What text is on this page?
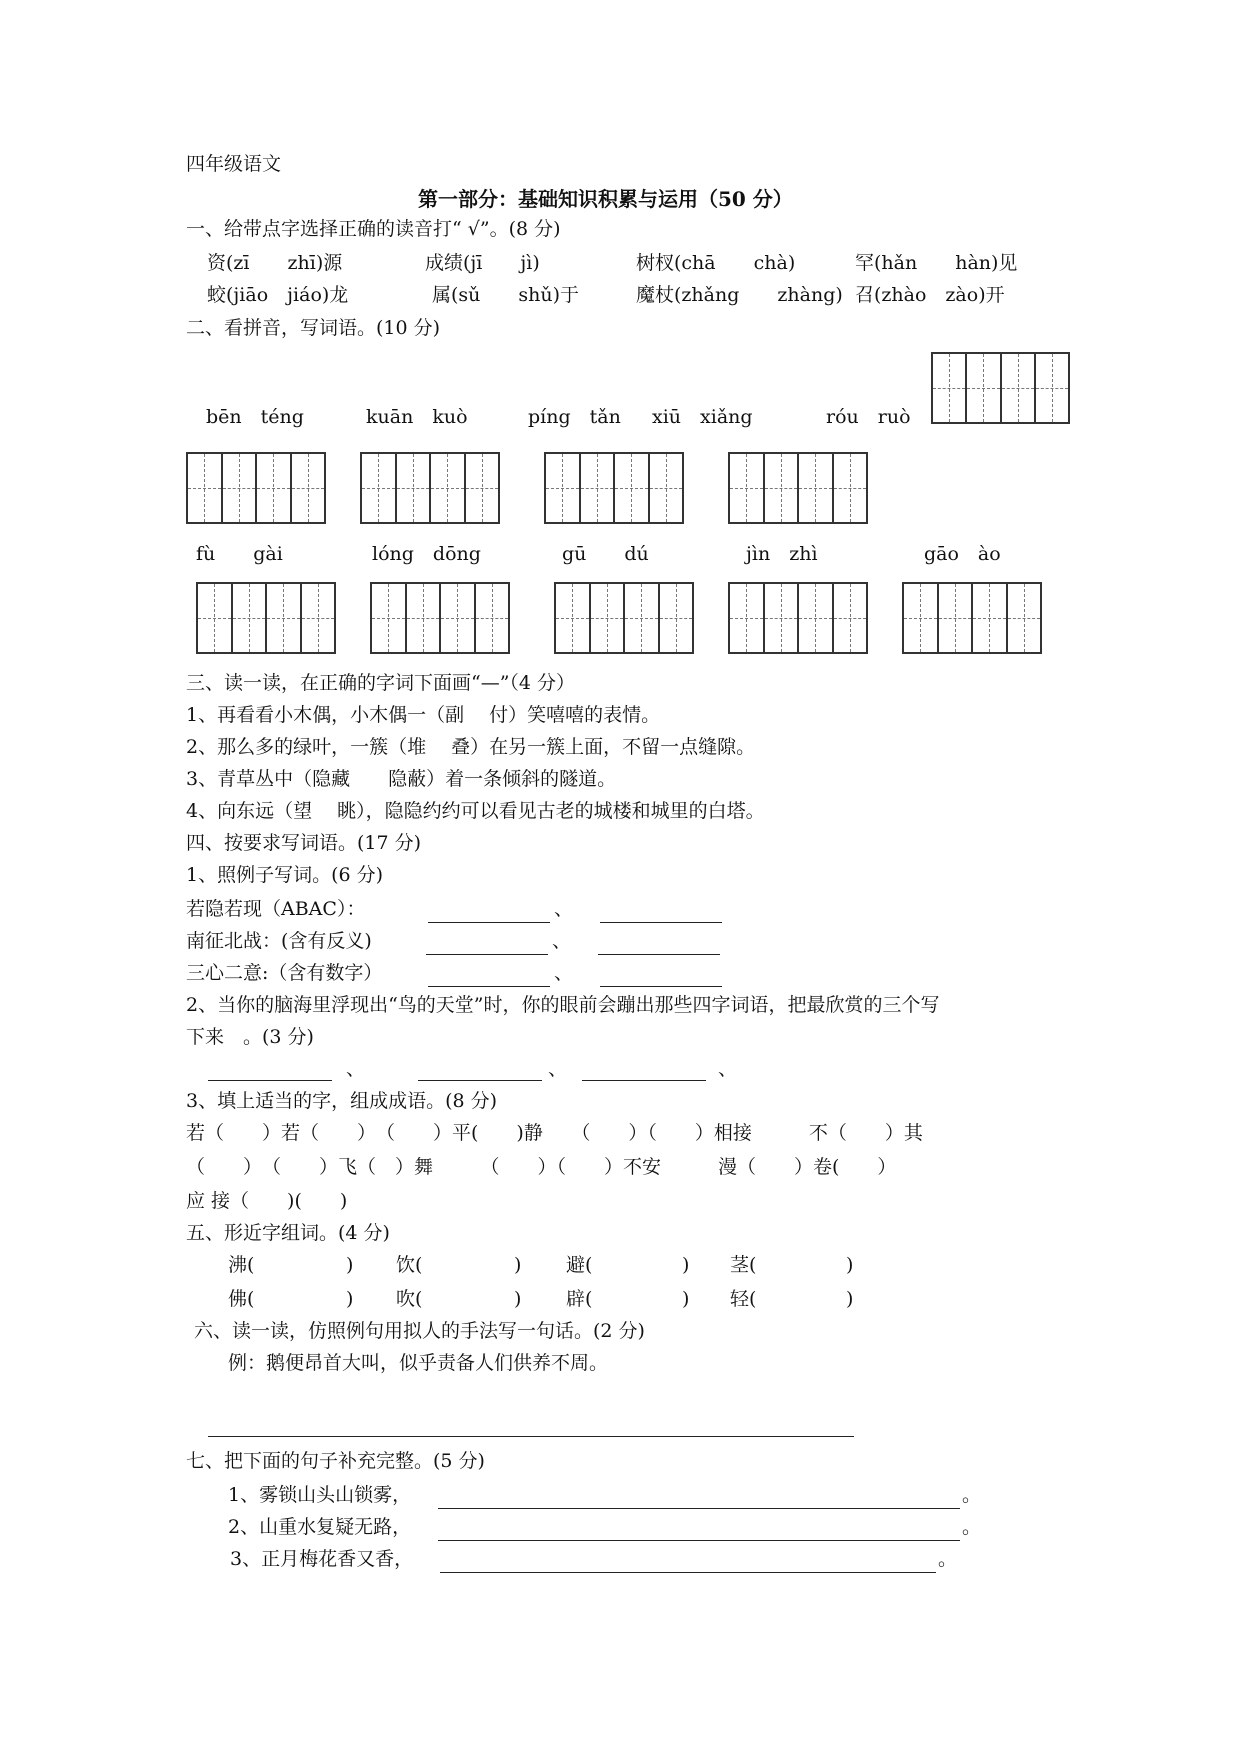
四年级语文
第一部分：基础知识积累与运用（50 分）
一、给带点字选择正确的读音打“ √”。(8 分)
资(zī　　zhī)源	成绩(jī　　jì)	树杈(chā　　chà)	罕(hǎn　　hàn)见
蛟(jiāo　jiáo)龙	属(sǔ　　shǔ)于	魔杖(zhǎng　　zhàng) 召(zhào　zào)开
二、看拼音，写词语。(10 分)
bēn　téng	kuān　kuò	píng　tǎn xiū　xiǎng	róu　ruò
fù　　gài	lóng　dōng	gū　　dú	jìn　zhì	gāo　ào
三、读一读，在正确的字词下面画“—”（4 分）
1、再看看小木偶，小木偶一（副　 付）笑嘻嘻的表情。
2、那么多的绿叶，一簇（堆　 叠）在另一簇上面，不留一点缝隙。
3、青草丛中（隐藏　　隐蔽）着一条倾斜的隧道。
4、向东远（望　 眺），隐隐约约可以看见古老的城楼和城里的白塔。
四、按要求写词语。(17 分)
1、照例子写词。(6 分)
若隐若现（ABAC）：	、
南征北战：(含有反义)	、
三心二意:（含有数字）	、
2、当你的脑海里浮现出“鸟的天堂”时，你的眼前会蹦出那些四字词语，把最欣赏的三个写
下来　。(3 分)
、	、	、
3、填上适当的字，组成成语。(8 分)
若（　　）若（　　）　（　　）平(　　)静　　（　　）（　　）相接　　　不（　　）其
（　　）　（　　）飞（　）舞　　　（　　）（　　）不安　　　漫（　　）卷(　　）
应 接（　　)(　　)
五、形近字组词。(4 分)
沸(	) 饮(	) 避(	) 茎(	)
佛(	) 吹(	) 辟(	) 轻(	)
六、读一读，仿照例句用拟人的手法写一句话。(2 分)
例：鹅便昂首大叫，似乎责备人们供养不周。
七、把下面的句子补充完整。(5 分)
1、雾锁山头山锁雾，	。
2、山重水复疑无路，	。
3、正月梅花香又香，	。
